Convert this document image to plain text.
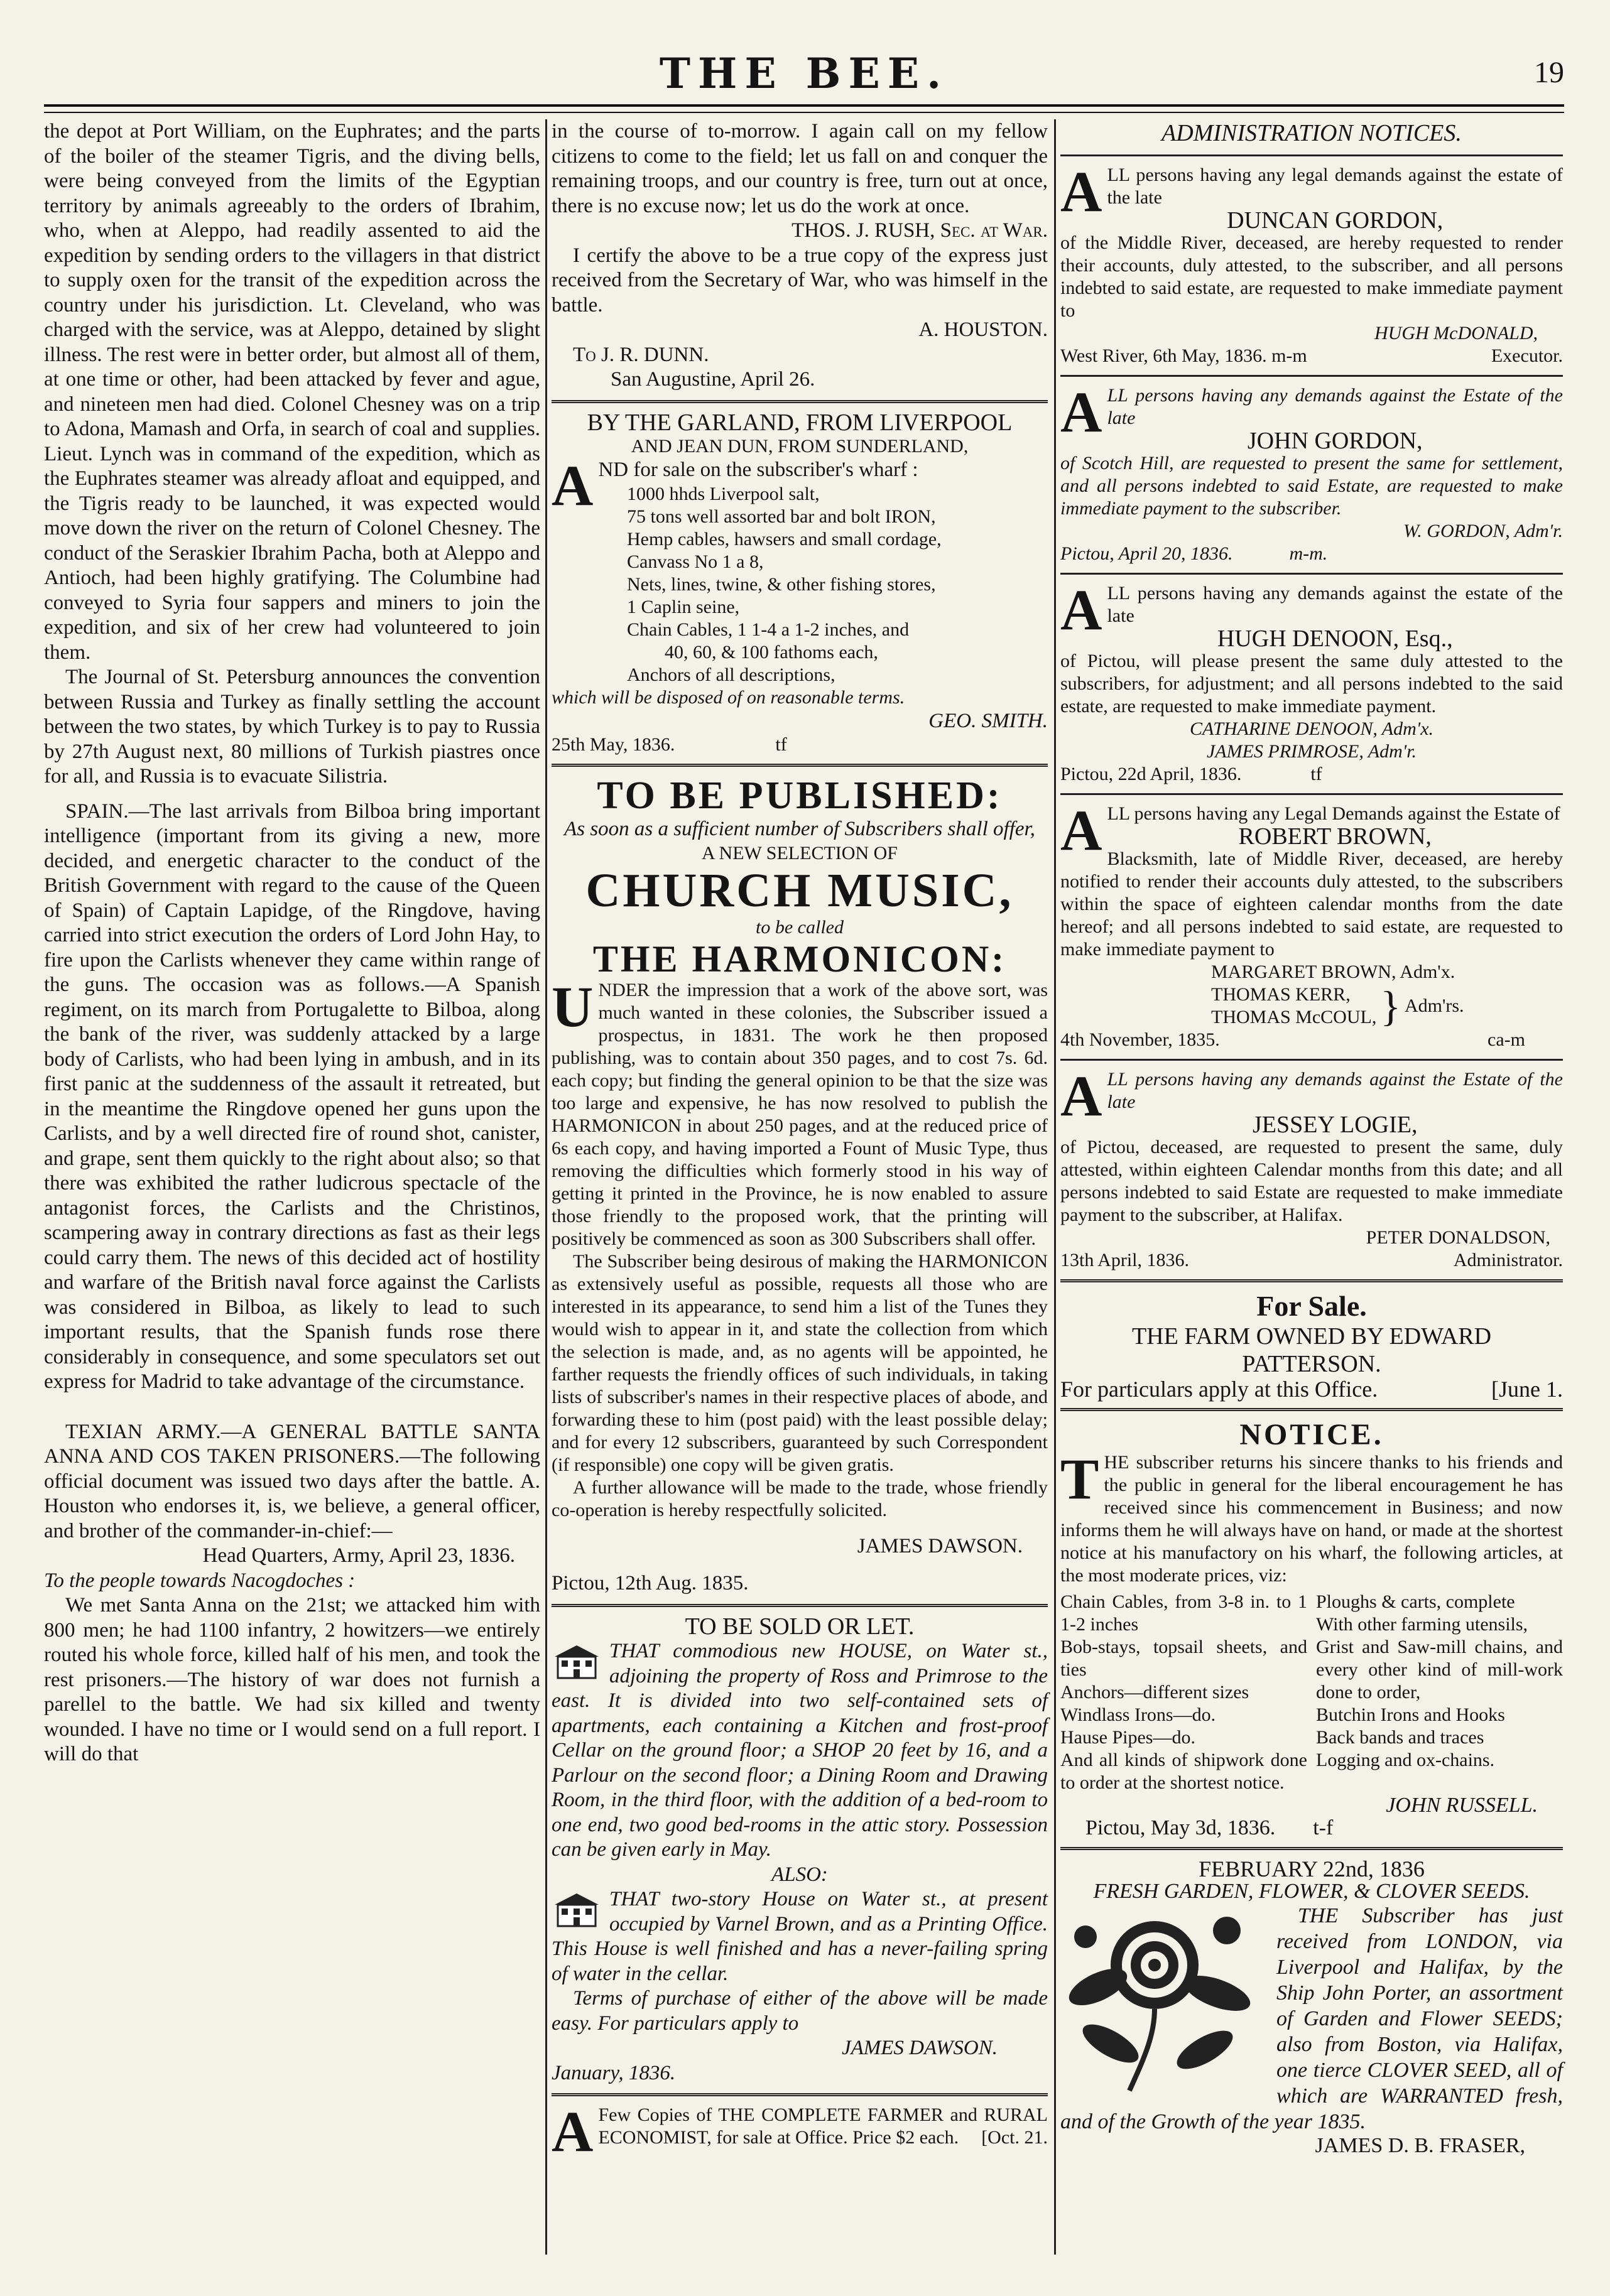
THE BEE.	19

the depot at Port William, on the Euphrates; and the parts of the boiler of the steamer Tigris, and the diving bells, were being conveyed from the limits of the Egyptian territory by animals agreeably to the orders of Ibrahim, who, when at Aleppo, had readily assented to aid the expedition by sending orders to the villagers in that district to supply oxen for the transit of the expedition across the country under his jurisdiction. Lt. Cleveland, who was charged with the service, was at Aleppo, detained by slight illness. The rest were in better order, but almost all of them, at one time or other, had been attacked by fever and ague, and nineteen men had died. Colonel Chesney was on a trip to Adona, Mamash and Orfa, in search of coal and supplies. Lieut. Lynch was in command of the expedition, which as the Euphrates steamer was already afloat and equipped, and the Tigris ready to be launched, it was expected would move down the river on the return of Colonel Chesney. The conduct of the Seraskier Ibrahim Pacha, both at Aleppo and Antioch, had been highly gratifying. The Columbine had conveyed to Syria four sappers and miners to join the expedition, and six of her crew had volunteered to join them.

The Journal of St. Petersburg announces the convention between Russia and Turkey as finally settling the account between the two states, by which Turkey is to pay to Russia by 27th August next, 80 millions of Turkish piastres once for all, and Russia is to evacuate Silistria.

SPAIN.—The last arrivals from Bilboa bring important intelligence (important from its giving a new, more decided, and energetic character to the conduct of the British Government with regard to the cause of the Queen of Spain) of Captain Lapidge, of the Ringdove, having carried into strict execution the orders of Lord John Hay, to fire upon the Carlists whenever they came within range of the guns. The occasion was as follows.—A Spanish regiment, on its march from Portugalette to Bilboa, along the bank of the river, was suddenly attacked by a large body of Carlists, who had been lying in ambush, and in its first panic at the suddenness of the assault it retreated, but in the meantime the Ringdove opened her guns upon the Carlists, and by a well directed fire of round shot, canister, and grape, sent them quickly to the right about also; so that there was exhibited the rather ludicrous spectacle of the antagonist forces, the Carlists and the Christinos, scampering away in contrary directions as fast as their legs could carry them. The news of this decided act of hostility and warfare of the British naval force against the Carlists was considered in Bilboa, as likely to lead to such important results, that the Spanish funds rose there considerably in consequence, and some speculators set out express for Madrid to take advantage of the circumstance.

TEXIAN ARMY.—A GENERAL BATTLE SANTA ANNA AND COS TAKEN PRISONERS.—The following official document was issued two days after the battle. A. Houston who endorses it, is, we believe, a general officer, and brother of the commander-in-chief:—

Head Quarters, Army, April 23, 1836.

To the people towards Nacogdoches :

We met Santa Anna on the 21st; we attacked him with 800 men; he had 1100 infantry, 2 howitzers—we entirely routed his whole force, killed half of his men, and took the rest prisoners.—The history of war does not furnish a parellel to the battle. We had six killed and twenty wounded. I have no time or I would send on a full report. I will do that

in the course of to-morrow. I again call on my fellow citizens to come to the field; let us fall on and conquer the remaining troops, and our country is free, turn out at once, there is no excuse now; let us do the work at once.

THOS. J. RUSH, Sec. at War.

I certify the above to be a true copy of the express just received from the Secretary of War, who was himself in the battle.

A. HOUSTON.

To J. R. DUNN.

San Augustine, April 26.

BY THE GARLAND, FROM LIVERPOOL
AND JEAN DUN, FROM SUNDERLAND,
AND for sale on the subscriber's wharf :
1000 hhds Liverpool salt,
75 tons well assorted bar and bolt IRON,
Hemp cables, hawsers and small cordage,
Canvass No 1 a 8,
Nets, lines, twine, & other fishing stores,
1 Caplin seine,
Chain Cables, 1 1-4 a 1-2 inches, and
40, 60, & 100 fathoms each,
Anchors of all descriptions,
which will be disposed of on reasonable terms.
GEO. SMITH.
25th May, 1836.	tf
TO BE PUBLISHED:
As soon as a sufficient number of Subscribers shall offer,
A NEW SELECTION OF
CHURCH MUSIC,
to be called
THE HARMONICON:
UNDER the impression that a work of the above sort, was much wanted in these colonies, the Subscriber issued a prospectus, in 1831. The work he then proposed publishing, was to contain about 350 pages, and to cost 7s. 6d. each copy; but finding the general opinion to be that the size was too large and expensive, he has now resolved to publish the HARMONICON in about 250 pages, and at the reduced price of 6s each copy, and having imported a Fount of Music Type, thus removing the difficulties which formerly stood in his way of getting it printed in the Province, he is now enabled to assure those friendly to the proposed work, that the printing will positively be commenced as soon as 300 Subscribers shall offer.

The Subscriber being desirous of making the HARMONICON as extensively useful as possible, requests all those who are interested in its appearance, to send him a list of the Tunes they would wish to appear in it, and state the collection from which the selection is made, and, as no agents will be appointed, he farther requests the friendly offices of such individuals, in taking lists of subscriber's names in their respective places of abode, and forwarding these to him (post paid) with the least possible delay; and for every 12 subscribers, guaranteed by such Correspondent (if responsible) one copy will be given gratis.

A further allowance will be made to the trade, whose friendly co-operation is hereby respectfully solicited.

JAMES DAWSON.
Pictou, 12th Aug. 1835.
TO BE SOLD OR LET.

THAT commodious new HOUSE, on Water st., adjoining the property of Ross and Primrose to the east. It is divided into two self-contained sets of apartments, each containing a Kitchen and frost-proof Cellar on the ground floor; a SHOP 20 feet by 16, and a Parlour on the second floor; a Dining Room and Drawing Room, in the third floor, with the addition of a bed-room to one end, two good bed-rooms in the attic story. Possession can be given early in May.

ALSO:

THAT two-story House on Water st., at present occupied by Varnel Brown, and as a Printing Office. This House is well finished and has a never-failing spring of water in the cellar.

Terms of purchase of either of the above will be made easy. For particulars apply to

JAMES DAWSON.
January, 1836.
A Few Copies of THE COMPLETE FARMER and RURAL ECONOMIST, for sale at Office. Price $2 each. [Oct. 21.
ADMINISTRATION NOTICES.
ALL persons having any legal demands against the estate of the late
DUNCAN GORDON,
of the Middle River, deceased, are hereby requested to render their accounts, duly attested, to the subscriber, and all persons indebted to said estate, are requested to make immediate payment to
HUGH McDONALD,
West River, 6th May, 1836. m-m	Executor.
ALL persons having any demands against the Estate of the late
JOHN GORDON,
of Scotch Hill, are requested to present the same for settlement, and all persons indebted to said Estate, are requested to make immediate payment to the subscriber.
W. GORDON, Adm'r.
Pictou, April 20, 1836.	m-m.
ALL persons having any demands against the estate of the late
HUGH DENOON, Esq.,
of Pictou, will please present the same duly attested to the subscribers, for adjustment; and all persons indebted to the said estate, are requested to make immediate payment.
CATHARINE DENOON, Adm'x.
JAMES PRIMROSE, Adm'r.
Pictou, 22d April, 1836.	tf
ALL persons having any Legal Demands against the Estate of
ROBERT BROWN,
Blacksmith, late of Middle River, deceased, are hereby notified to render their accounts duly attested, to the subscribers within the space of eighteen calendar months from the date hereof; and all persons indebted to said estate, are requested to make immediate payment to
MARGARET BROWN, Adm'x.
THOMAS KERR,
THOMAS McCOUL, } Adm'rs.
4th November, 1835.	ca-m
ALL persons having any demands against the Estate of the late
JESSEY LOGIE,
of Pictou, deceased, are requested to present the same, duly attested, within eighteen Calendar months from this date; and all persons indebted to said Estate are requested to make immediate payment to the subscriber, at Halifax.
PETER DONALDSON,
13th April, 1836.	Administrator.
For Sale.
THE FARM OWNED BY EDWARD PATTERSON.
For particulars apply at this Office.	[June 1.
NOTICE.
T HE subscriber returns his sincere thanks to his friends and the public in general for the liberal encouragement he has received since his commencement in Business; and now informs them he will always have on hand, or made at the shortest notice at his manufactory on his wharf, the following articles, at the most moderate prices, viz:
Chain Cables, from 3-8 in. to 1 1-2 inches
Bob-stays, topsail sheets, and ties
Anchors—different sizes
Windlass Irons—do.
Hause Pipes—do.
And all kinds of shipwork done to order at the shortest notice.
Ploughs & carts, complete
With other farming utensils,
Grist and Saw-mill chains, and every other kind of mill-work done to order,
Butchin Irons and Hooks
Back bands and traces
Logging and ox-chains.
JOHN RUSSELL.
Pictou, May 3d, 1836. t-f
FEBRUARY 22nd, 1836
FRESH GARDEN, FLOWER, & CLOVER SEEDS.

THE Subscriber has just received from LONDON, via Liverpool and Halifax, by the Ship John Porter, an assortment of Garden and Flower SEEDS; also from Boston, via Halifax, one tierce CLOVER SEED, all of which are WARRANTED fresh, and of the Growth of the year 1835.

JAMES D. B. FRASER,
